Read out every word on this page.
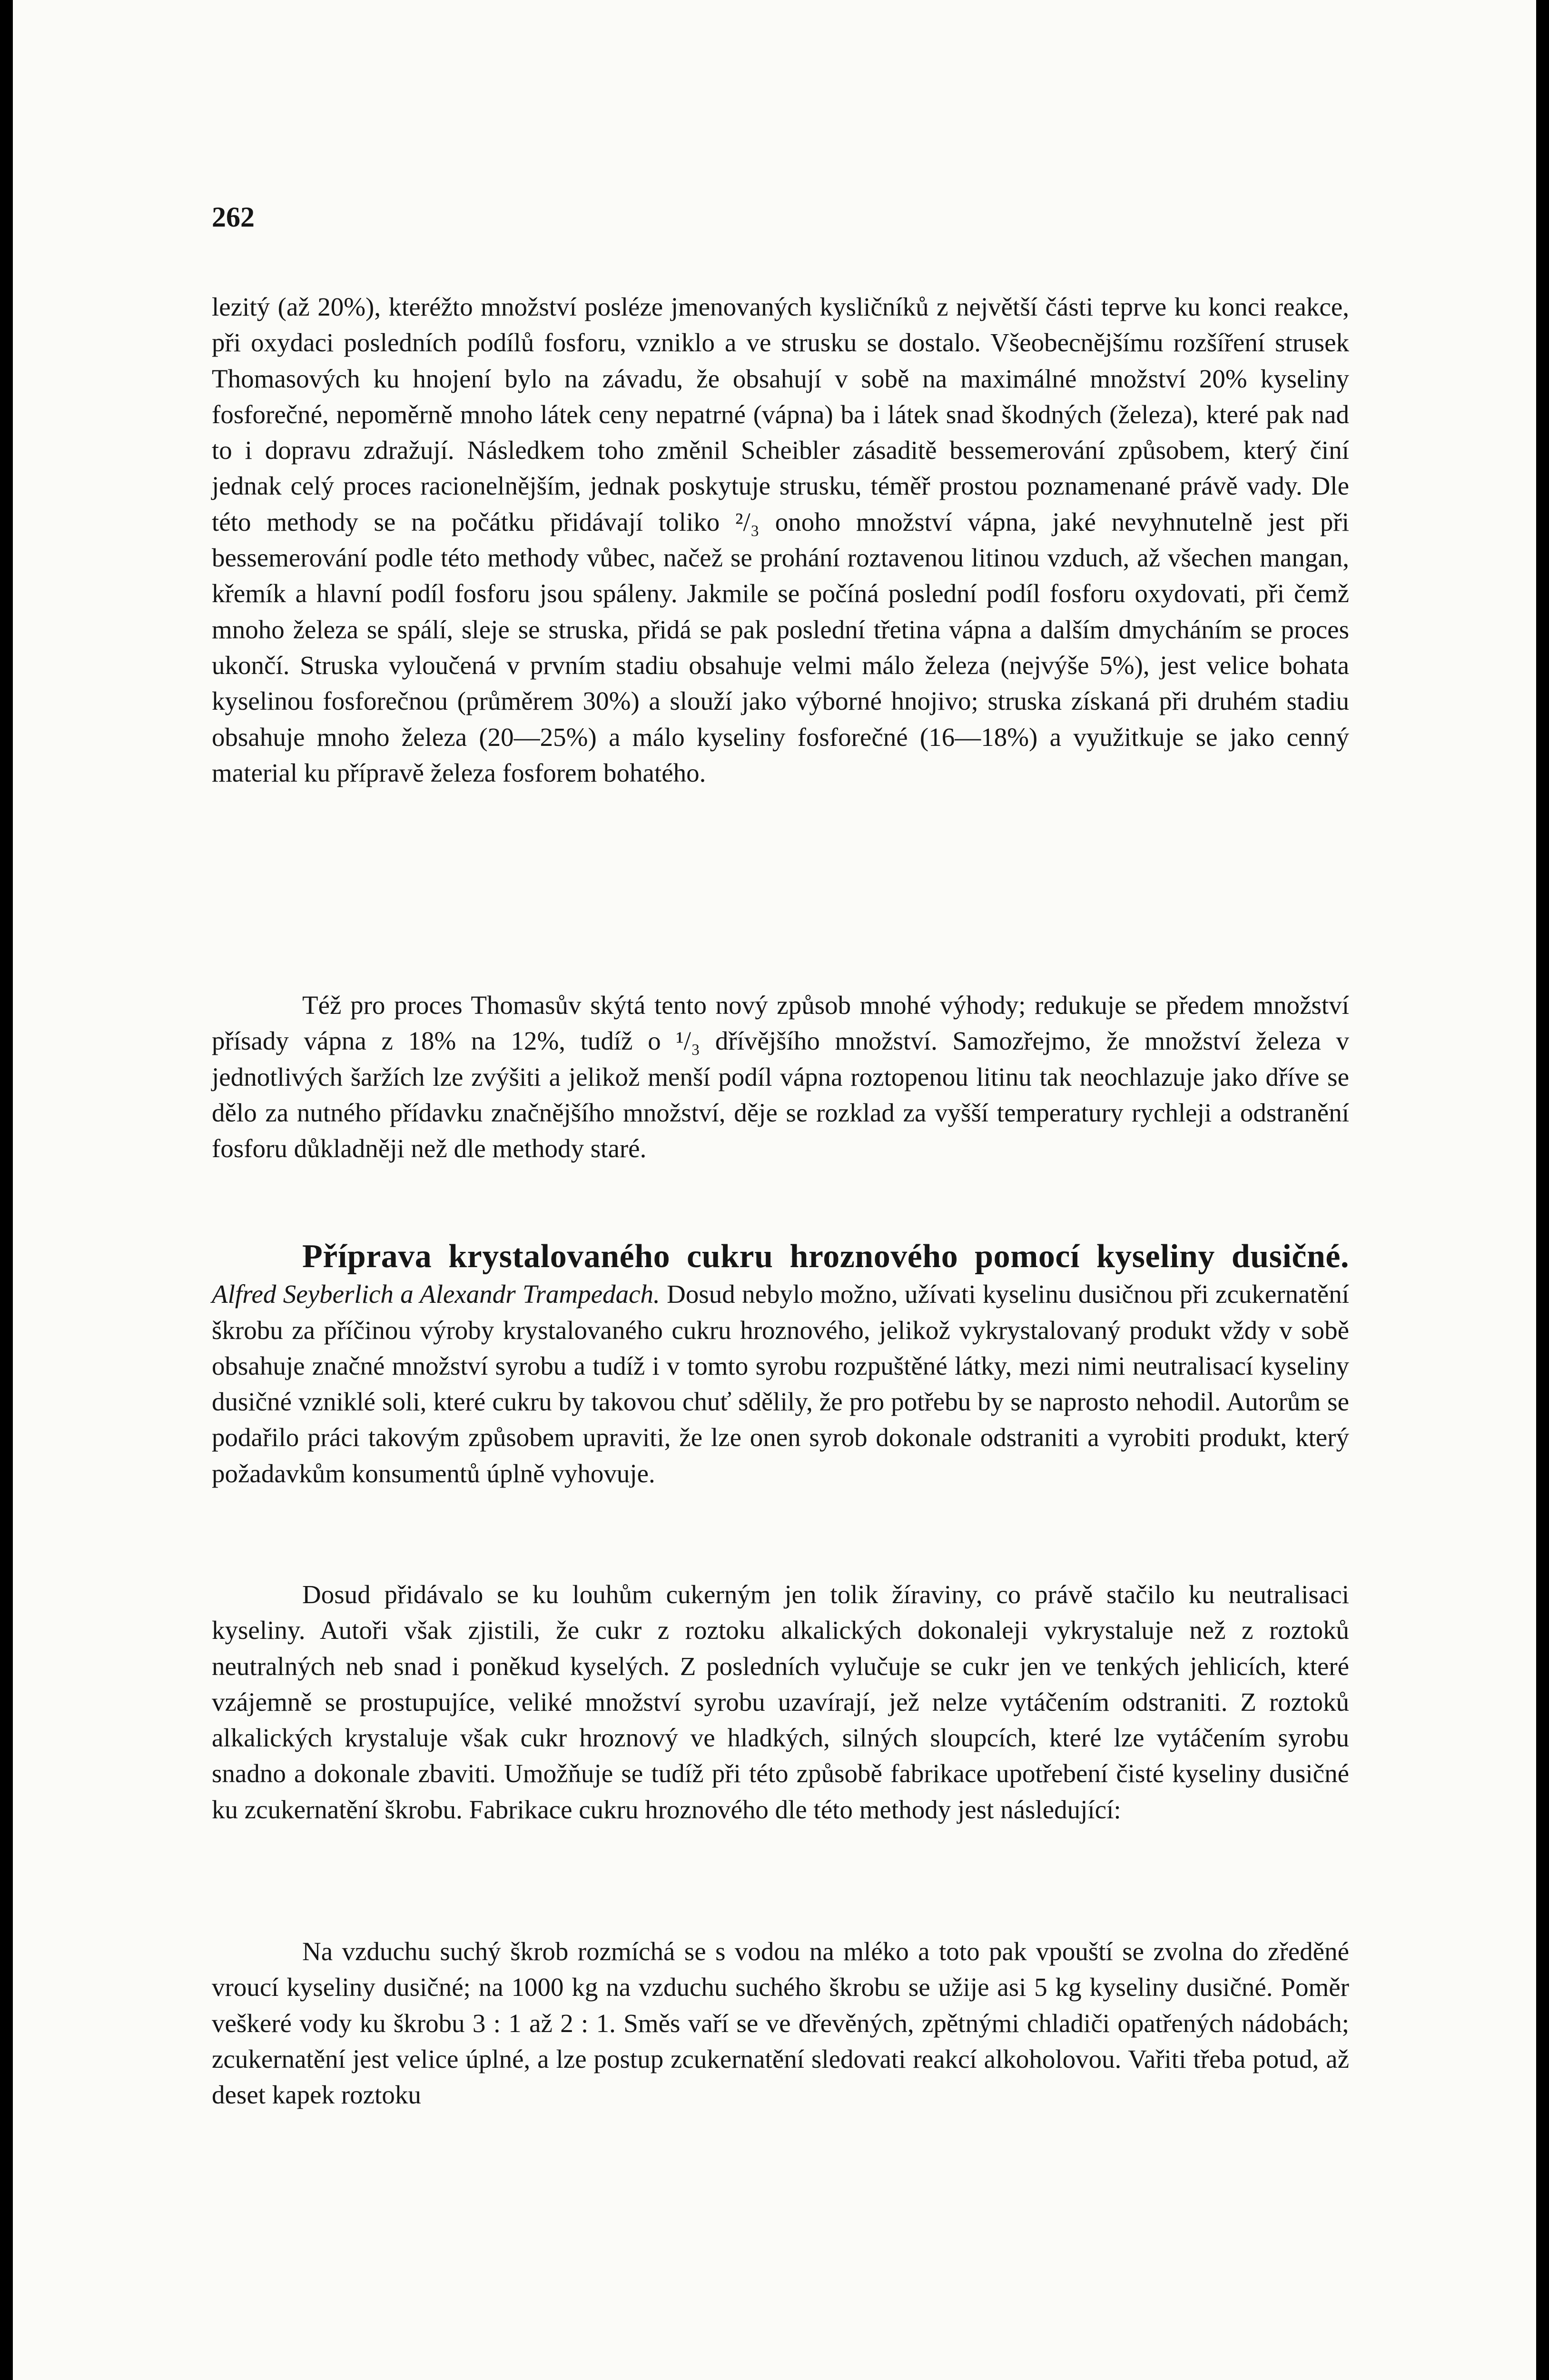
262

lezitý (až 20%), kteréžto množství posléze jmenovaných kysličníků z největší části teprve ku konci reakce, při oxydaci posledních podílů fosforu, vzniklo a ve strusku se dostalo. Všeobecnějšímu rozšíření strusek Thomasových ku hnojení bylo na závadu, že obsahují v sobě na maximálné množství 20% kyseliny fosforečné, nepoměrně mnoho látek ceny nepatrné (vápna) ba i látek snad škodných (železa), které pak nad to i dopravu zdražují. Následkem toho změnil Scheibler zásaditě bessemerování způsobem, který činí jednak celý proces racionelnějším, jednak poskytuje strusku, téměř prostou poznamenané právě vady. Dle této methody se na počátku přidávají toliko ²/₃ onoho množství vápna, jaké nevyhnutelně jest při bessemerování podle této methody vůbec, načež se prohání roztavenou litinou vzduch, až všechen mangan, křemík a hlavní podíl fosforu jsou spáleny. Jakmile se počíná poslední podíl fosforu oxydovati, při čemž mnoho železa se spálí, sleje se struska, přidá se pak poslední třetina vápna a dalším dmycháním se proces ukončí. Struska vyloučená v prvním stadiu obsahuje velmi málo železa (nejvýše 5%), jest velice bohata kyselinou fosforečnou (průměrem 30%) a slouží jako výborné hnojivo; struska získaná při druhém stadiu obsahuje mnoho železa (20—25%) a málo kyseliny fosforečné (16—18%) a využitkuje se jako cenný material ku přípravě železa fosforem bohatého.

Též pro proces Thomasův skýtá tento nový způsob mnohé výhody; redukuje se předem množství přísady vápna z 18% na 12%, tudíž o ¹/₃ dřívějšího množství. Samozřejmo, že množství železa v jednotlivých šaržích lze zvýšiti a jelikož menší podíl vápna roztopenou litinu tak neochlazuje jako dříve se dělo za nutného přídavku značnějšího množství, děje se rozklad za vyšší temperatury rychleji a odstranění fosforu důkladněji než dle methody staré.

Příprava krystalovaného cukru hroznového pomocí kyseliny dusičné. Alfred Seyberlich a Alexandr Trampedach. Dosud nebylo možno, užívati kyselinu dusičnou při zcukernatění škrobu za příčinou výroby krystalovaného cukru hroznového, jelikož vykrystalovaný produkt vždy v sobě obsahuje značné množství syrobu a tudíž i v tomto syrobu rozpuštěné látky, mezi nimi neutralisací kyseliny dusičné vzniklé soli, které cukru by takovou chuť sdělily, že pro potřebu by se naprosto nehodil. Autorům se podařilo práci takovým způsobem upraviti, že lze onen syrob dokonale odstraniti a vyrobiti produkt, který požadavkům konsumentů úplně vyhovuje.

Dosud přidávalo se ku louhům cukerným jen tolik žíraviny, co právě stačilo ku neutralisaci kyseliny. Autoři však zjistili, že cukr z roztoku alkalických dokonaleji vykrystaluje než z roztoků neutralných neb snad i poněkud kyselých. Z posledních vylučuje se cukr jen ve tenkých jehlicích, které vzájemně se prostupujíce, veliké množství syrobu uzavírají, jež nelze vytáčením odstraniti. Z roztoků alkalických krystaluje však cukr hroznový ve hladkých, silných sloupcích, které lze vytáčením syrobu snadno a dokonale zbaviti. Umožňuje se tudíž při této způsobě fabrikace upotřebení čisté kyseliny dusičné ku zcukernatění škrobu. Fabrikace cukru hroznového dle této methody jest následující:

Na vzduchu suchý škrob rozmíchá se s vodou na mléko a toto pak vpouští se zvolna do zředěné vroucí kyseliny dusičné; na 1000 kg na vzduchu suchého škrobu se užije asi 5 kg kyseliny dusičné. Poměr veškeré vody ku škrobu 3 : 1 až 2 : 1. Směs vaří se ve dřevěných, zpětnými chladiči opatřených nádobách; zcukernatění jest velice úplné, a lze postup zcukernatění sledovati reakcí alkoholovou. Vařiti třeba potud, až deset kapek roztoku
